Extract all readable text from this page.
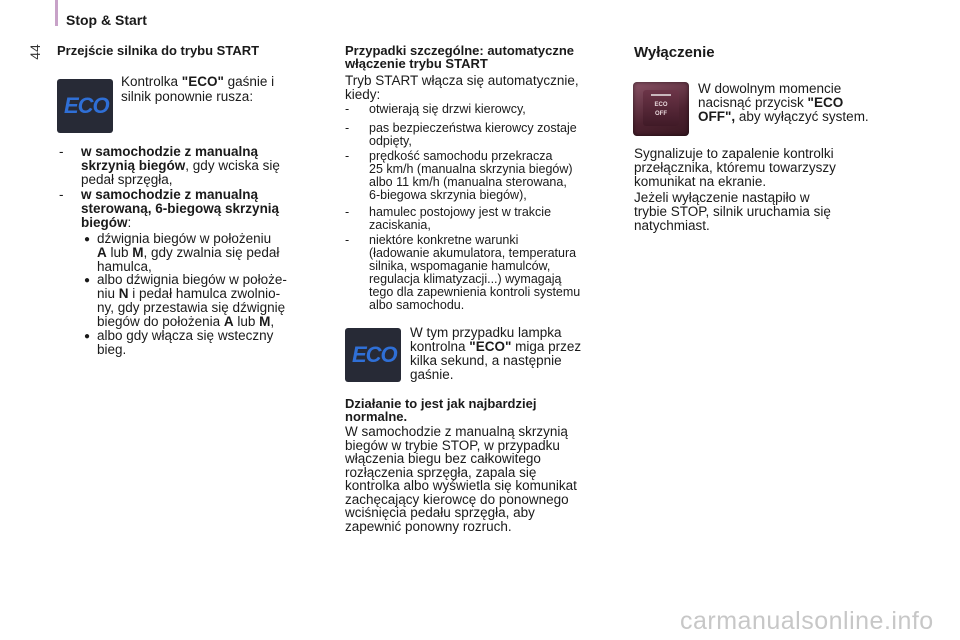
Stop & Start
44 Przejście silnika do trybu START
ECO
Kontrolka "ECO" gaśnie i
silnik ponownie rusza:
- w samochodzie z manualną
skrzynią biegów, gdy wciska się
pedał sprzęgła,
- w samochodzie z manualną
sterowaną, 6-biegową skrzynią
biegów:
● dźwignia biegów w położeniu
A lub M, gdy zwalnia się pedał
hamulca,
● albo dźwignia biegów w położe-
niu N i pedał hamulca zwolnio-
ny, gdy przestawia się dźwignię
biegów do położenia A lub M,
● albo gdy włącza się wsteczny
bieg.
Przypadki szczególne: automatyczne
włączenie trybu START
Tryb START włącza się automatycznie,
kiedy:
- otwierają się drzwi kierowcy,
- pas bezpieczeństwa kierowcy zostaje
odpięty,
- prędkość samochodu przekracza
25 km/h (manualna skrzynia biegów)
albo 11 km/h (manualna sterowana,
6-biegowa skrzynia biegów),
- hamulec postojowy jest w trakcie
zaciskania,
- niektóre konkretne warunki
(ładowanie akumulatora, temperatura
silnika, wspomaganie hamulców,
regulacja klimatyzacji...) wymagają
tego dla zapewnienia kontroli systemu
albo samochodu.
ECO
W tym przypadku lampka
kontrolna "ECO" miga przez
kilka sekund, a następnie
gaśnie.
Działanie to jest jak najbardziej
normalne.
W samochodzie z manualną skrzynią
biegów w trybie STOP, w przypadku
włączenia biegu bez całkowitego
rozłączenia sprzęgła, zapala się
kontrolka albo wyświetla się komunikat
zachęcający kierowcę do ponownego
wciśnięcia pedału sprzęgła, aby
zapewnić ponowny rozruch.
Wyłączenie
ECO
OFF
W dowolnym momencie
nacisnąć przycisk "ECO
OFF", aby wyłączyć system.
Sygnalizuje to zapalenie kontrolki
przełącznika, któremu towarzyszy
komunikat na ekranie.
Jeżeli wyłączenie nastąpiło w
trybie STOP, silnik uruchamia się
natychmiast.
carmanualsonline.info
